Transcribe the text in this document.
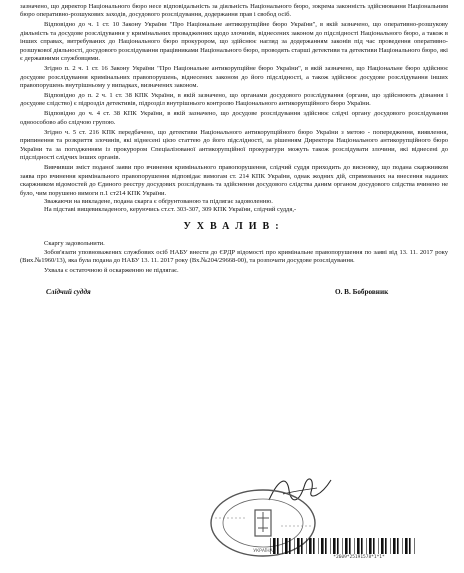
зазначено, що директор Національного бюро несе відповідальність за діяльність Національного бюро, зокрема законність здійснювання Національним бюро оперативно-розшукових заходів, досудового розслідування, додержання прав і свобод осіб.

Відповідно до ч. 1 ст. 10 Закону України "Про Національне антикорупційне бюро України", в якій зазначено, що оперативно-розшукову діяльність та досудове розслідування у кримінальних провадженнях щодо злочинів, віднесених законом до підслідності Національного бюро, а також в інших справах, витребуваних до Національного бюро прокурором, що здійснює нагляд за додержанням законів під час проведення оперативно-розшукової діяльності, досудового розслідування працівниками Національного бюро, проводять старші детективи та детективи Національного бюро, які є державними службовцями.

Згідно п. 2 ч. 1 ст. 16 Закону України "Про Національне антикорупційне бюро України", в якій зазначено, що Національне бюро здійснює досудове розслідування кримінальних правопорушень, віднесених законом до його підслідності, а також здійснює досудове розслідування інших правопорушень внутрішньому у випадках, визначених законом.

Відповідно до п. 2 ч. 1 ст. 38 КПК України, в якій зазначено, що органами досудового розслідування (органи, що здійснюють дізнання і досудове слідство) є підрозділ детективів, підрозділ внутрішнього контролю Національного антикорупційного бюро України.

Відповідно до ч. 4 ст. 38 КПК України, в якій зазначено, що досудове розслідування здійснює слідчі органу досудового розслідування одноособово або слідчою групою.

Згідно ч. 5 ст. 216 КПК передбачено, що детективи Національного антикорупційного бюро України з метою - попередження, виявлення, припинення та розкриття злочинів, які віднесені цією статтею до його підслідності, за рішенням Директора Національного антикорупційного бюро України та за погодженням із прокурором Спеціалізованої антикорупційної прокуратури можуть також розслідувати злочини, які віднесені до підслідності слідчих інших органів.

Вивчивши зміст поданої заяви про вчинення кримінального правопорушення, слідчий суддя приходить до висновку, що подана скаржником заява про вчинення кримінального правопорушення відповідає вимогам ст. 214 КПК України, однак жодних дій, спрямованих на внесення наданих скаржником відомостей до Єдиного реєстру досудових розслідувань та здійснення досудового слідства даним органом досудового слідства вчинено не було, чим порушено вимоги п.1 ст214 КПК України.

Зважаючи на викладене, подана скарга є обґрунтованою та підлягає задоволенню.

На підставі вищевикладеного, керуючись ст.ст. 303-307, 309 КПК України, слідчий суддя,-

УХВАЛИВ:

Скаргу задовольнити.

Зобов'язати уповноважених службових осіб НАБУ внести до ЄРДР відомості про кримінальне правопорушення по заяві від 13. 11. 2017 року (Вих.№1960/13), яка була подана до НАБУ 13. 11. 2017 року (Вх.№204/29668-00), та розпочати досудове розслідування.

Ухвала є остаточною й оскарженню не підлягає.

Слідчий суддя	О. В. Бобровник
УКРАЇНА
*2609*25191578*1*1*
